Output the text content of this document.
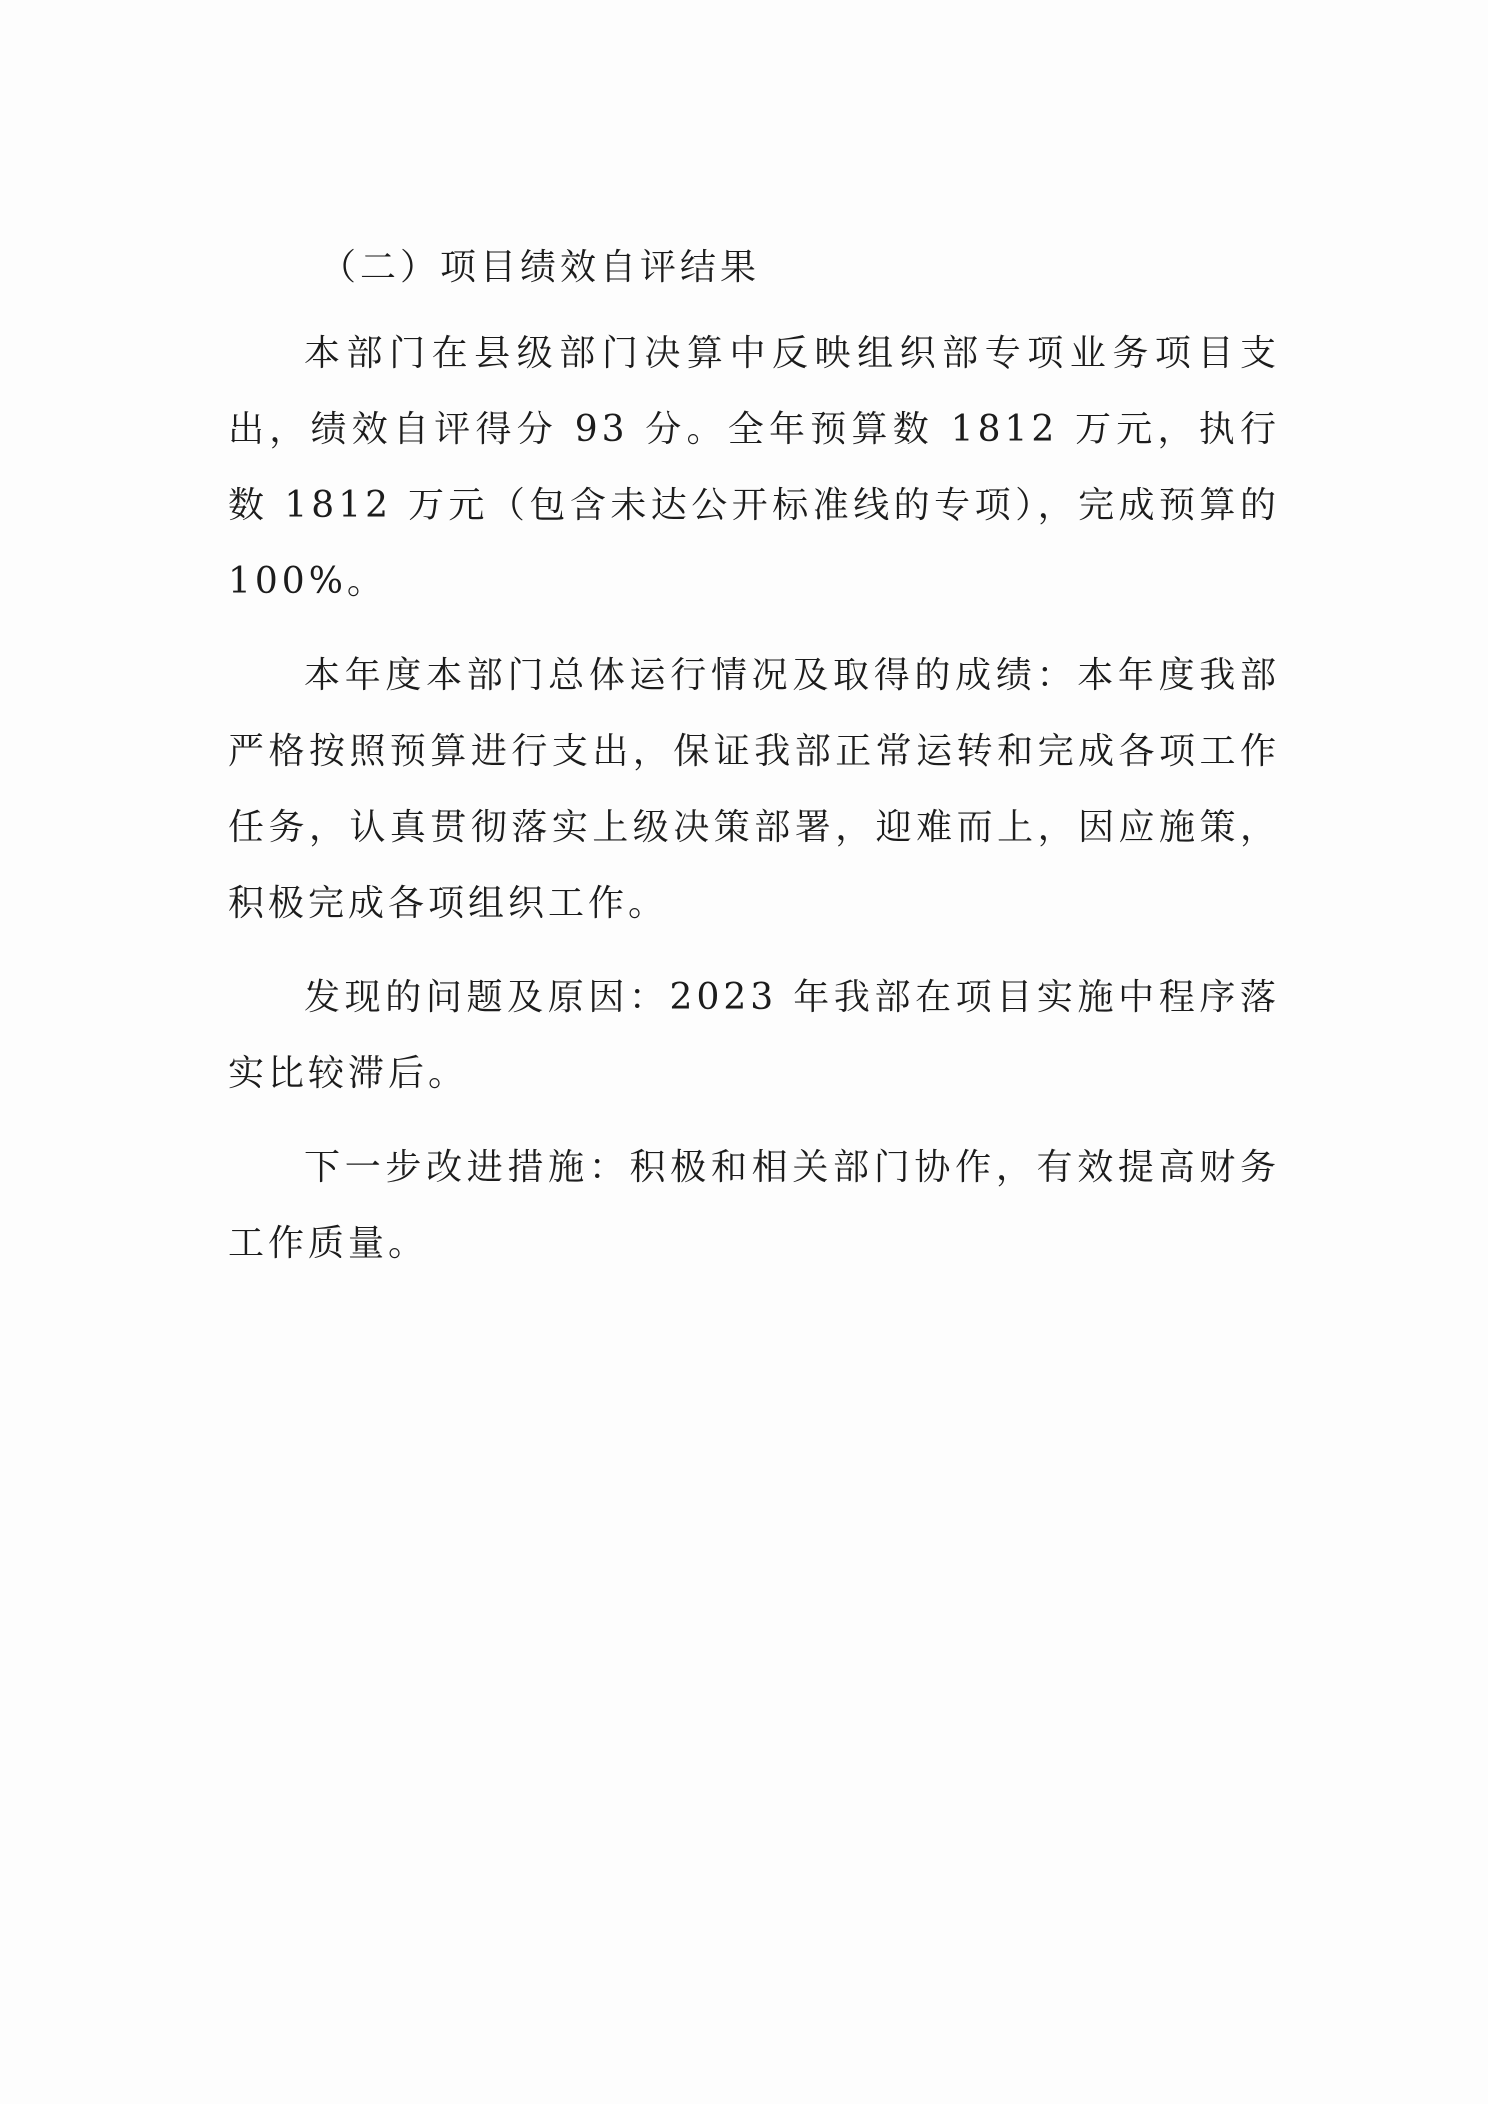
（二）项目绩效自评结果

本部门在县级部门决算中反映组织部专项业务项目支出，绩效自评得分 93 分。全年预算数 1812 万元，执行数 1812 万元（包含未达公开标准线的专项），完成预算的 100%。

本年度本部门总体运行情况及取得的成绩：本年度我部严格按照预算进行支出，保证我部正常运转和完成各项工作任务，认真贯彻落实上级决策部署，迎难而上，因应施策，积极完成各项组织工作。

发现的问题及原因：2023 年我部在项目实施中程序落实比较滞后。

下一步改进措施：积极和相关部门协作，有效提高财务工作质量。
